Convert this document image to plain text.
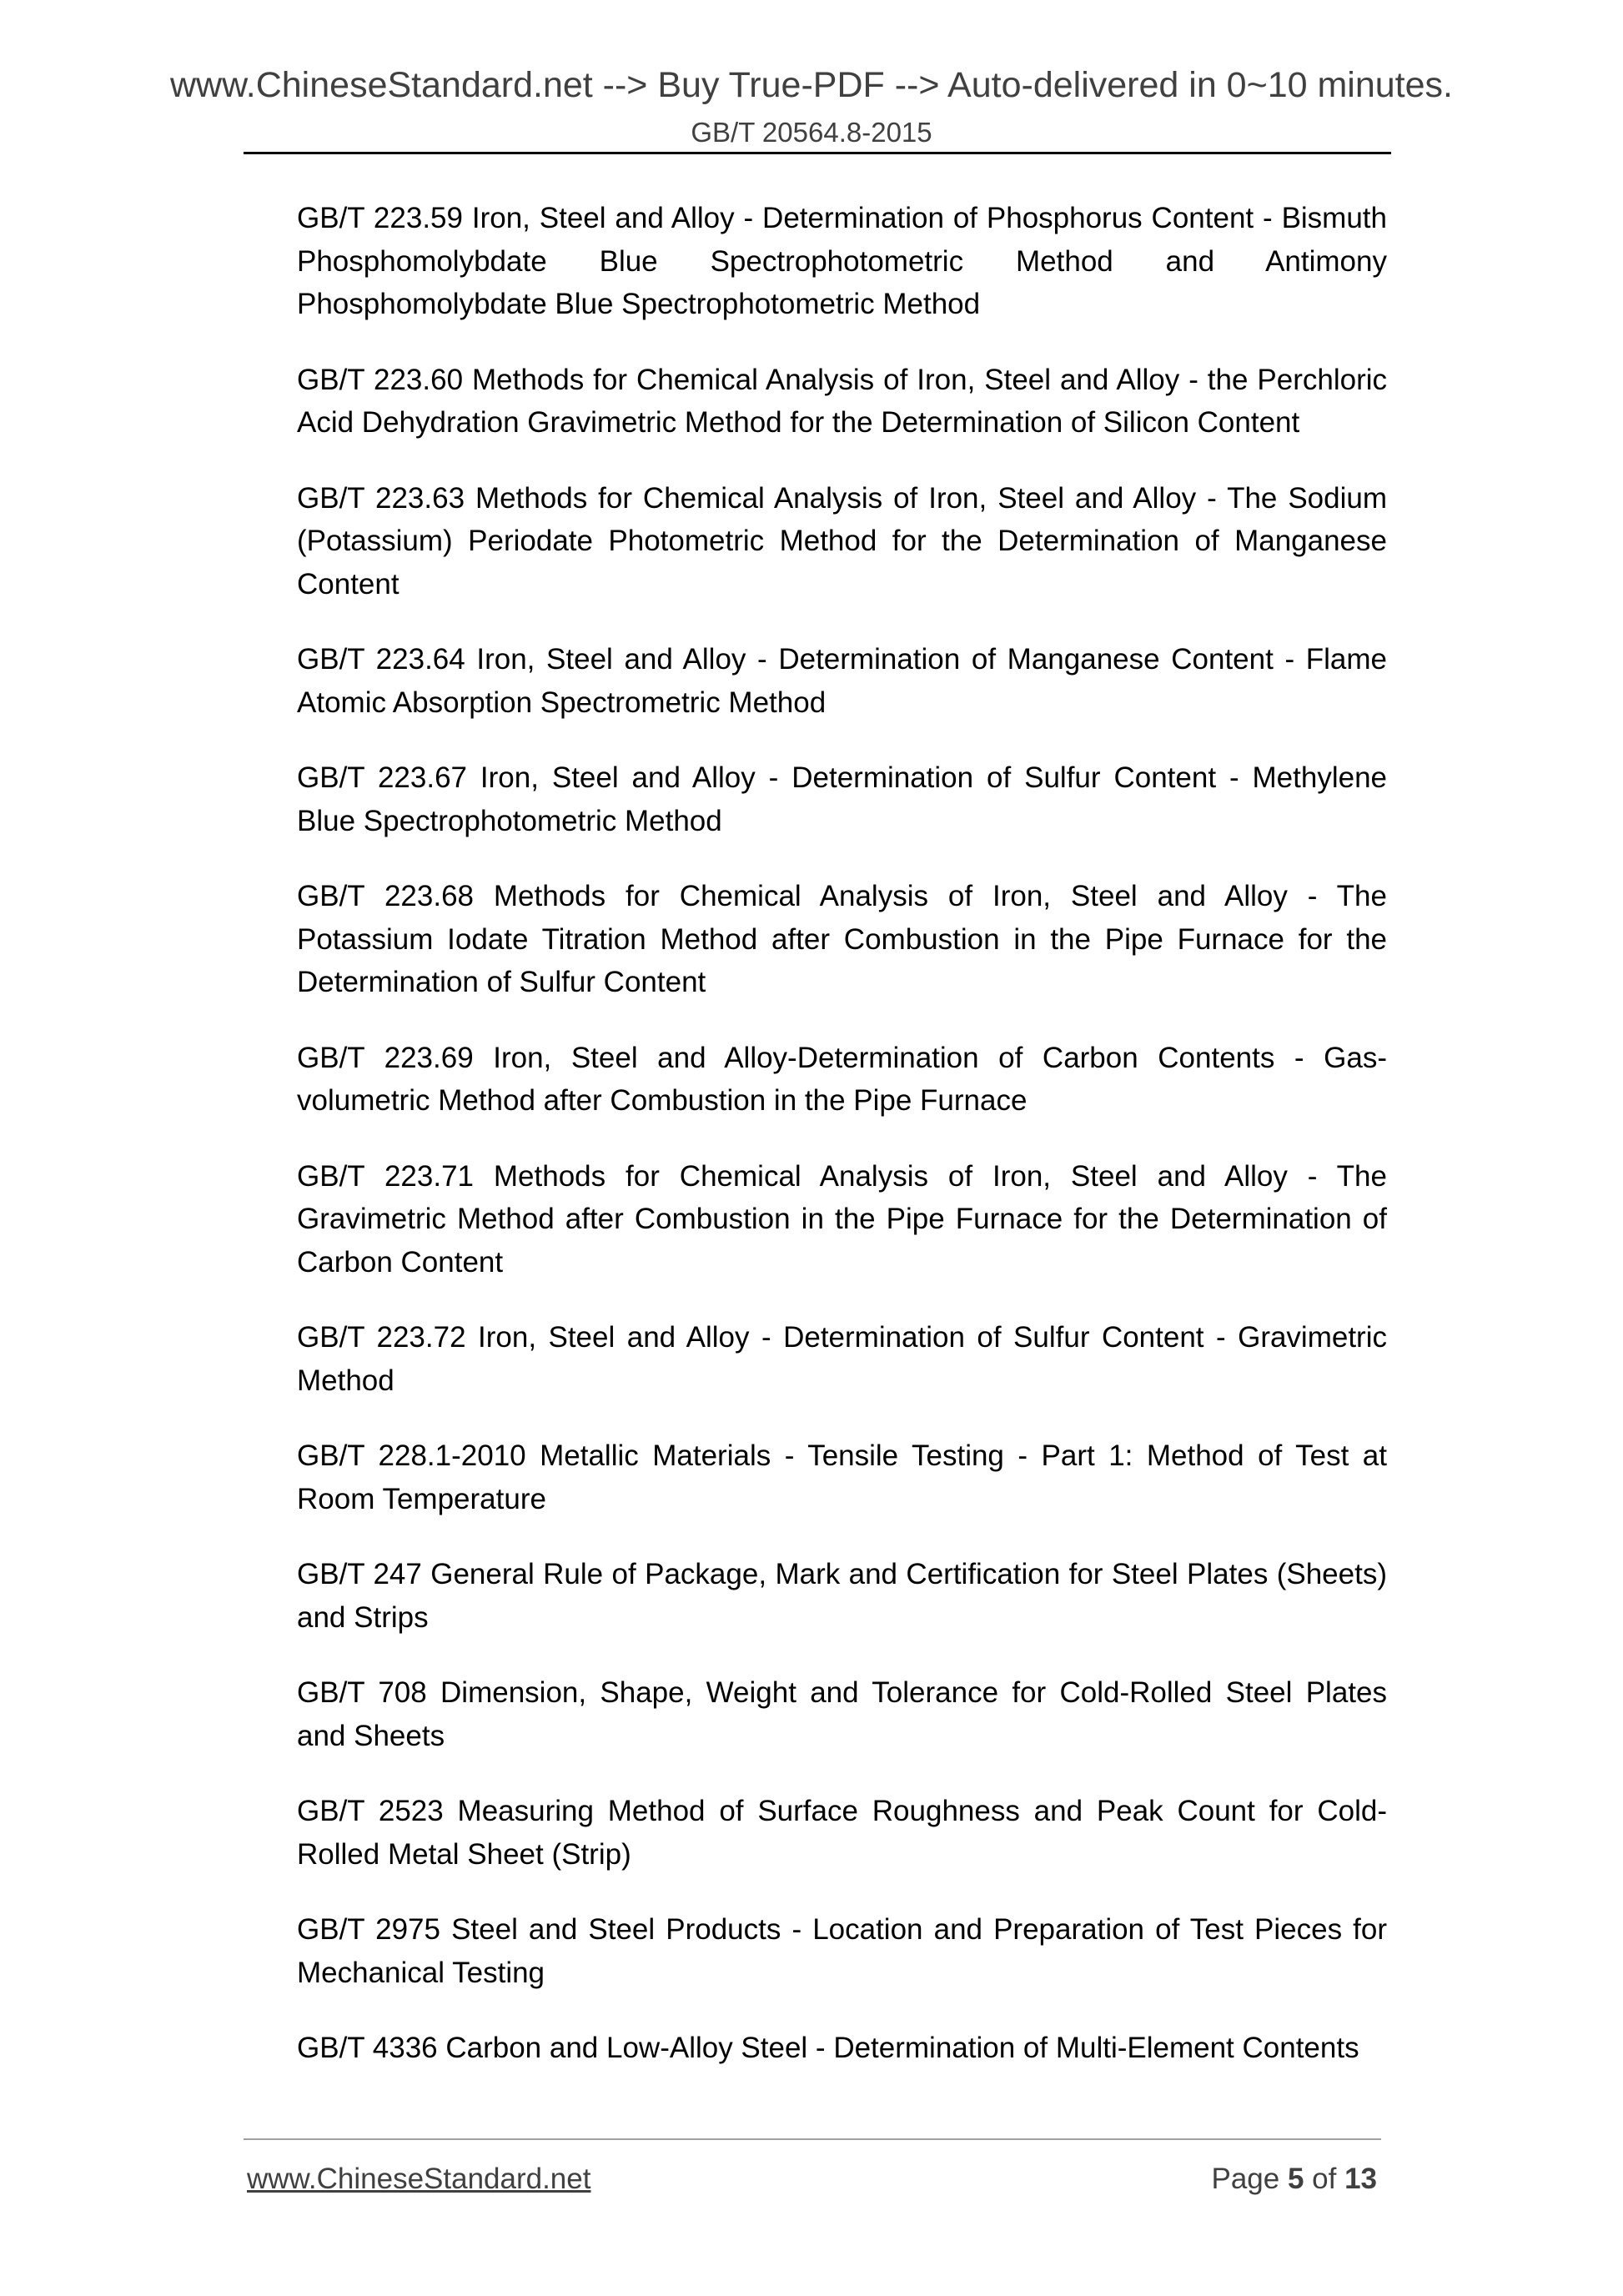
www.ChineseStandard.net --> Buy True-PDF --> Auto-delivered in 0~10 minutes.
GB/T 20564.8-2015

GB/T 223.59 Iron, Steel and Alloy - Determination of Phosphorus Content - Bismuth Phosphomolybdate Blue Spectrophotometric Method and Antimony Phosphomolybdate Blue Spectrophotometric Method

GB/T 223.60 Methods for Chemical Analysis of Iron, Steel and Alloy - the Perchloric Acid Dehydration Gravimetric Method for the Determination of Silicon Content

GB/T 223.63 Methods for Chemical Analysis of Iron, Steel and Alloy - The Sodium (Potassium) Periodate Photometric Method for the Determination of Manganese Content

GB/T 223.64 Iron, Steel and Alloy - Determination of Manganese Content - Flame Atomic Absorption Spectrometric Method

GB/T 223.67 Iron, Steel and Alloy - Determination of Sulfur Content - Methylene Blue Spectrophotometric Method

GB/T 223.68 Methods for Chemical Analysis of Iron, Steel and Alloy - The Potassium Iodate Titration Method after Combustion in the Pipe Furnace for the Determination of Sulfur Content

GB/T 223.69 Iron, Steel and Alloy-Determination of Carbon Contents - Gas-volumetric Method after Combustion in the Pipe Furnace

GB/T 223.71 Methods for Chemical Analysis of Iron, Steel and Alloy - The Gravimetric Method after Combustion in the Pipe Furnace for the Determination of Carbon Content

GB/T 223.72 Iron, Steel and Alloy - Determination of Sulfur Content - Gravimetric Method

GB/T 228.1-2010 Metallic Materials - Tensile Testing - Part 1: Method of Test at Room Temperature

GB/T 247 General Rule of Package, Mark and Certification for Steel Plates (Sheets) and Strips

GB/T 708 Dimension, Shape, Weight and Tolerance for Cold-Rolled Steel Plates and Sheets

GB/T 2523 Measuring Method of Surface Roughness and Peak Count for Cold-Rolled Metal Sheet (Strip)

GB/T 2975 Steel and Steel Products - Location and Preparation of Test Pieces for Mechanical Testing

GB/T 4336 Carbon and Low-Alloy Steel - Determination of Multi-Element Contents

www.ChineseStandard.net	Page 5 of 13
